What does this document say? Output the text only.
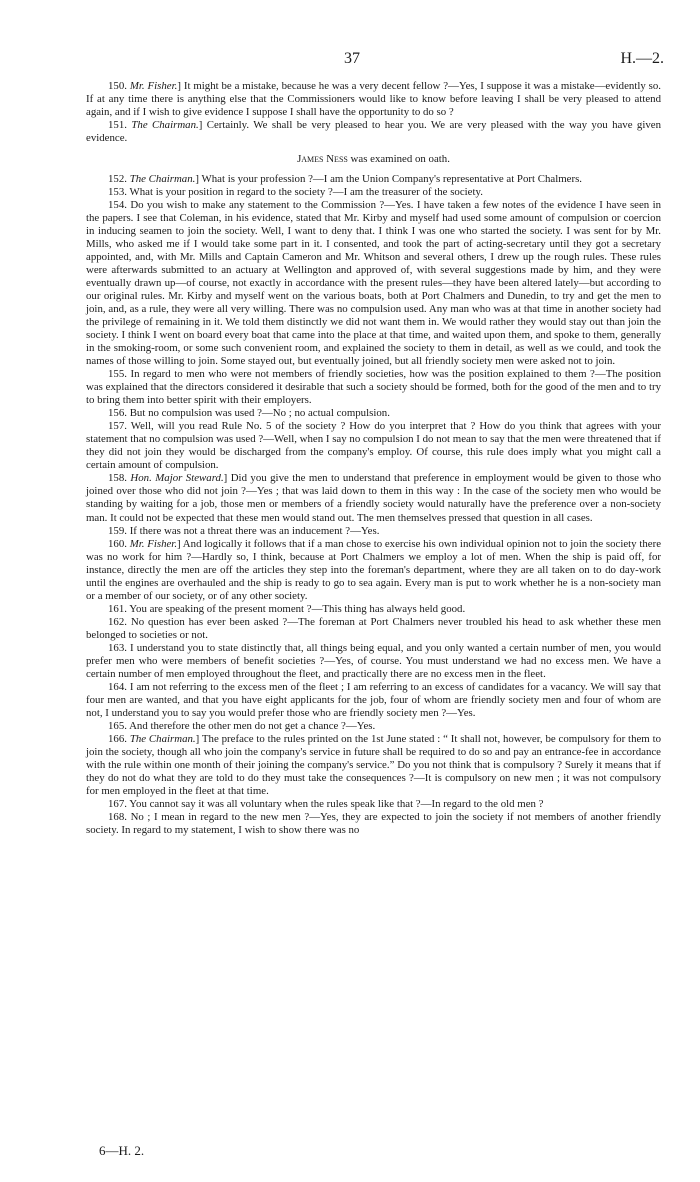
37	H.—2.

150. Mr. Fisher.] It might be a mistake, because he was a very decent fellow ?—Yes, I suppose it was a mistake—evidently so. If at any time there is anything else that the Commissioners would like to know before leaving I shall be very pleased to attend again, and if I wish to give evidence I suppose I shall have the opportunity to do so ?

151. The Chairman.] Certainly. We shall be very pleased to hear you. We are very pleased with the way you have given evidence.

James Ness was examined on oath.

152. The Chairman.] What is your profession ?—I am the Union Company's representative at Port Chalmers.

153. What is your position in regard to the society ?—I am the treasurer of the society.

154. Do you wish to make any statement to the Commission ?—Yes. I have taken a few notes of the evidence I have seen in the papers. I see that Coleman, in his evidence, stated that Mr. Kirby and myself had used some amount of compulsion or coercion in inducing seamen to join the society. Well, I want to deny that. I think I was one who started the society. I was sent for by Mr. Mills, who asked me if I would take some part in it. I consented, and took the part of acting-secretary until they got a secretary appointed, and, with Mr. Mills and Captain Cameron and Mr. Whitson and several others, I drew up the rough rules. These rules were afterwards submitted to an actuary at Wellington and approved of, with several suggestions made by him, and they were eventually drawn up—of course, not exactly in accordance with the present rules—they have been altered lately—but according to our original rules. Mr. Kirby and myself went on the various boats, both at Port Chalmers and Dunedin, to try and get the men to join, and, as a rule, they were all very willing. There was no compulsion used. Any man who was at that time in another society had the privilege of remaining in it. We told them distinctly we did not want them in. We would rather they would stay out than join the society. I think I went on board every boat that came into the place at that time, and waited upon them, and spoke to them, generally in the smoking-room, or some such convenient room, and explained the society to them in detail, as well as we could, and took the names of those willing to join. Some stayed out, but eventually joined, but all friendly society men were asked not to join.

155. In regard to men who were not members of friendly societies, how was the position explained to them ?—The position was explained that the directors considered it desirable that such a society should be formed, both for the good of the men and to try to bring them into better spirit with their employers.

156. But no compulsion was used ?—No ; no actual compulsion.

157. Well, will you read Rule No. 5 of the society ? How do you interpret that ? How do you think that agrees with your statement that no compulsion was used ?—Well, when I say no compulsion I do not mean to say that the men were threatened that if they did not join they would be discharged from the company's employ. Of course, this rule does imply what you might call a certain amount of compulsion.

158. Hon. Major Steward.] Did you give the men to understand that preference in employment would be given to those who joined over those who did not join ?—Yes ; that was laid down to them in this way : In the case of the society men who would be standing by waiting for a job, those men or members of a friendly society would naturally have the preference over a non-society man. It could not be expected that these men would stand out. The men themselves pressed that question in all cases.

159. If there was not a threat there was an inducement ?—Yes.

160. Mr. Fisher.] And logically it follows that if a man chose to exercise his own individual opinion not to join the society there was no work for him ?—Hardly so, I think, because at Port Chalmers we employ a lot of men. When the ship is paid off, for instance, directly the men are off the articles they step into the foreman's department, where they are all taken on to do day-work until the engines are overhauled and the ship is ready to go to sea again. Every man is put to work whether he is a non-society man or a member of our society, or of any other society.

161. You are speaking of the present moment ?—This thing has always held good.

162. No question has ever been asked ?—The foreman at Port Chalmers never troubled his head to ask whether these men belonged to societies or not.

163. I understand you to state distinctly that, all things being equal, and you only wanted a certain number of men, you would prefer men who were members of benefit societies ?—Yes, of course. You must understand we had no excess men. We have a certain number of men employed throughout the fleet, and practically there are no excess men in the fleet.

164. I am not referring to the excess men of the fleet ; I am referring to an excess of candidates for a vacancy. We will say that four men are wanted, and that you have eight applicants for the job, four of whom are friendly society men and four of whom are not, I understand you to say you would prefer those who are friendly society men ?—Yes.

165. And therefore the other men do not get a chance ?—Yes.

166. The Chairman.] The preface to the rules printed on the 1st June stated : “ It shall not, however, be compulsory for them to join the society, though all who join the company's service in future shall be required to do so and pay an entrance-fee in accordance with the rule within one month of their joining the company's service.” Do you not think that is compulsory ? Surely it means that if they do not do what they are told to do they must take the consequences ?—It is compulsory on new men ; it was not compulsory for men employed in the fleet at that time.

167. You cannot say it was all voluntary when the rules speak like that ?—In regard to the old men ?

168. No ; I mean in regard to the new men ?—Yes, they are expected to join the society if not members of another friendly society. In regard to my statement, I wish to show there was no

6—H. 2.
